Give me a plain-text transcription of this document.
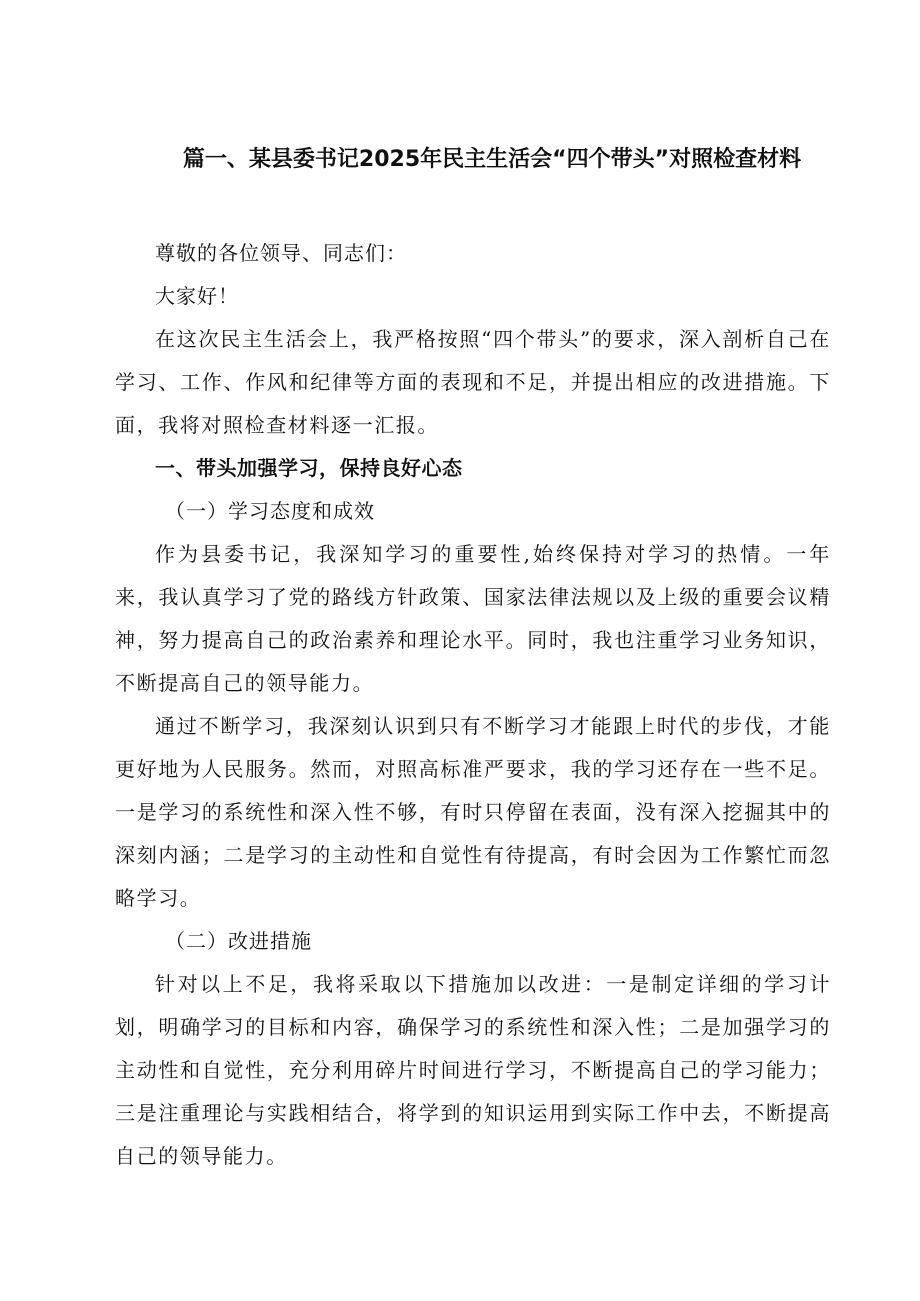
篇一、某县委书记2025年民主生活会“四个带头”对照检查材料

尊敬的各位领导、同志们：

大家好！

在这次民主生活会上，我严格按照“四个带头”的要求，深入剖析自己在学习、工作、作风和纪律等方面的表现和不足，并提出相应的改进措施。下面，我将对照检查材料逐一汇报。

一、带头加强学习，保持良好心态

（一）学习态度和成效

作为县委书记，我深知学习的重要性,始终保持对学习的热情。一年来，我认真学习了党的路线方针政策、国家法律法规以及上级的重要会议精神，努力提高自己的政治素养和理论水平。同时，我也注重学习业务知识，不断提高自己的领导能力。

通过不断学习，我深刻认识到只有不断学习才能跟上时代的步伐，才能更好地为人民服务。然而，对照高标准严要求，我的学习还存在一些不足。一是学习的系统性和深入性不够，有时只停留在表面，没有深入挖掘其中的深刻内涵；二是学习的主动性和自觉性有待提高，有时会因为工作繁忙而忽略学习。

（二）改进措施

针对以上不足，我将采取以下措施加以改进：一是制定详细的学习计划，明确学习的目标和内容，确保学习的系统性和深入性；二是加强学习的主动性和自觉性，充分利用碎片时间进行学习，不断提高自己的学习能力；三是注重理论与实践相结合，将学到的知识运用到实际工作中去，不断提高自己的领导能力。
